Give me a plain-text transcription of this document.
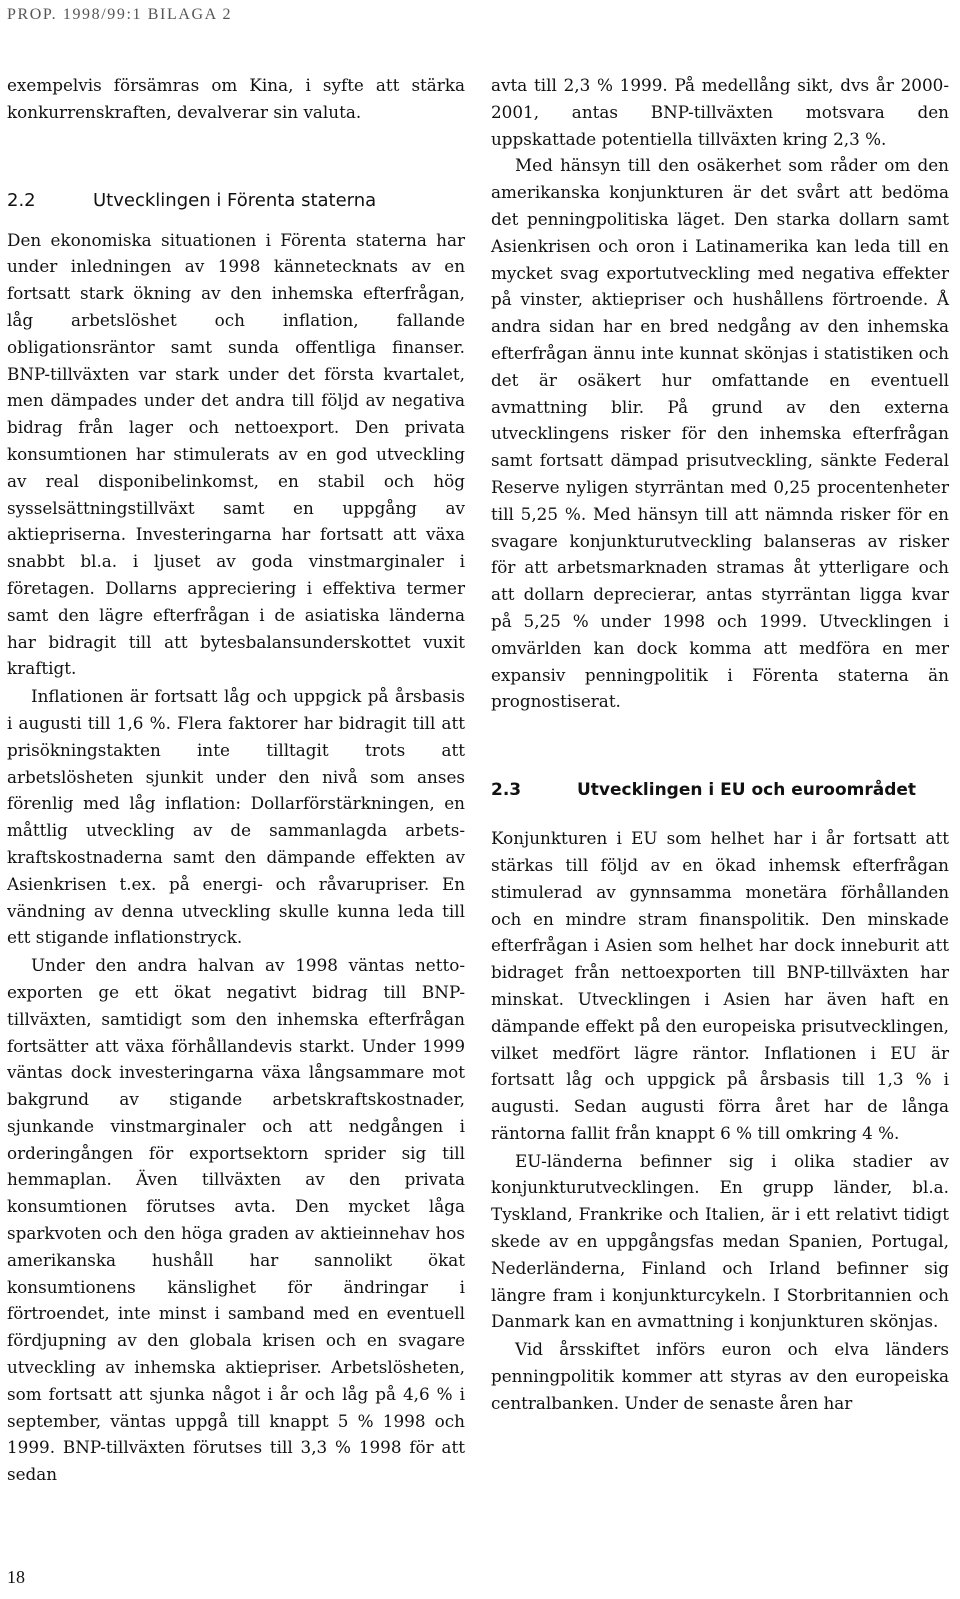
PROP. 1998/99:1 BILAGA 2

exempelvis försämras om Kina, i syfte att stärka konkurrenskraften, devalverar sin valuta.

2.2	Utvecklingen i Förenta staterna

Den ekonomiska situationen i Förenta staterna har under inledningen av 1998 kännetecknats av en fortsatt stark ökning av den inhemska efterfrågan, låg arbetslöshet och inflation, fallande obligationsräntor samt sunda offentliga finanser. BNP-tillväxten var stark under det första kvartalet, men dämpades under det andra till följd av negativa bidrag från lager och nettoexport. Den privata konsumtionen har stimulerats av en god utveckling av real disponibelinkomst, en stabil och hög sysselsättningstillväxt samt en uppgång av aktiepriserna. Investeringarna har fortsatt att växa snabbt bl.a. i ljuset av goda vinstmarginaler i företagen. Dollarns appreciering i effektiva termer samt den lägre efterfrågan i de asiatiska länderna har bidragit till att bytesbalansunderskottet vuxit kraftigt.

Inflationen är fortsatt låg och uppgick på årsbasis i augusti till 1,6 %. Flera faktorer har bidragit till att prisökningstakten inte tilltagit trots att arbetslösheten sjunkit under den nivå som anses förenlig med låg inflation: Dollarförstärkningen, en måttlig utveckling av de sammanlagda arbetskraftskostnaderna samt den dämpande effekten av Asienkrisen t.ex. på energi- och råvarupriser. En vändning av denna utveckling skulle kunna leda till ett stigande inflationstryck.

Under den andra halvan av 1998 väntas nettoexporten ge ett ökat negativt bidrag till BNP-tillväxten, samtidigt som den inhemska efterfrågan fortsätter att växa förhållandevis starkt. Under 1999 väntas dock investeringarna växa långsammare mot bakgrund av stigande arbetskraftskostnader, sjunkande vinstmarginaler och att nedgången i orderingången för exportsektorn sprider sig till hemmaplan. Även tillväxten av den privata konsumtionen förutses avta. Den mycket låga sparkvoten och den höga graden av aktieinnehav hos amerikanska hushåll har sannolikt ökat konsumtionens känslighet för ändringar i förtroendet, inte minst i samband med en eventuell fördjupning av den globala krisen och en svagare utveckling av inhemska aktiepriser. Arbetslösheten, som fortsatt att sjunka något i år och låg på 4,6 % i september, väntas uppgå till knappt 5 % 1998 och 1999. BNP-tillväxten förutses till 3,3 % 1998 för att sedan

avta till 2,3 % 1999. På medellång sikt, dvs år 2000-2001, antas BNP-tillväxten motsvara den uppskattade potentiella tillväxten kring 2,3 %.

Med hänsyn till den osäkerhet som råder om den amerikanska konjunkturen är det svårt att bedöma det penningpolitiska läget. Den starka dollarn samt Asienkrisen och oron i Latinamerika kan leda till en mycket svag exportutveckling med negativa effekter på vinster, aktiepriser och hushållens förtroende. Å andra sidan har en bred nedgång av den inhemska efterfrågan ännu inte kunnat skönjas i statistiken och det är osäkert hur omfattande en eventuell avmattning blir. På grund av den externa utvecklingens risker för den inhemska efterfrågan samt fortsatt dämpad prisutveckling, sänkte Federal Reserve nyligen styrräntan med 0,25 procentenheter till 5,25 %. Med hänsyn till att nämnda risker för en svagare konjunkturutveckling balanseras av risker för att arbetsmarknaden stramas åt ytterligare och att dollarn deprecierar, antas styrräntan ligga kvar på 5,25 % under 1998 och 1999. Utvecklingen i omvärlden kan dock komma att medföra en mer expansiv penningpolitik i Förenta staterna än prognostiserat.

2.3	Utvecklingen i EU och euroområdet

Konjunkturen i EU som helhet har i år fortsatt att stärkas till följd av en ökad inhemsk efterfrågan stimulerad av gynnsamma monetära förhållanden och en mindre stram finanspolitik. Den minskade efterfrågan i Asien som helhet har dock inneburit att bidraget från nettoexporten till BNP-tillväxten har minskat. Utvecklingen i Asien har även haft en dämpande effekt på den europeiska prisutvecklingen, vilket medfört lägre räntor. Inflationen i EU är fortsatt låg och uppgick på årsbasis till 1,3 % i augusti. Sedan augusti förra året har de långa räntorna fallit från knappt 6 % till omkring 4 %.

EU-länderna befinner sig i olika stadier av konjunkturutvecklingen. En grupp länder, bl.a. Tyskland, Frankrike och Italien, är i ett relativt tidigt skede av en uppgångsfas medan Spanien, Portugal, Nederländerna, Finland och Irland befinner sig längre fram i konjunkturcykeln. I Storbritannien och Danmark kan en avmattning i konjunkturen skönjas.

Vid årsskiftet införs euron och elva länders penningpolitik kommer att styras av den europeiska centralbanken. Under de senaste åren har

18
